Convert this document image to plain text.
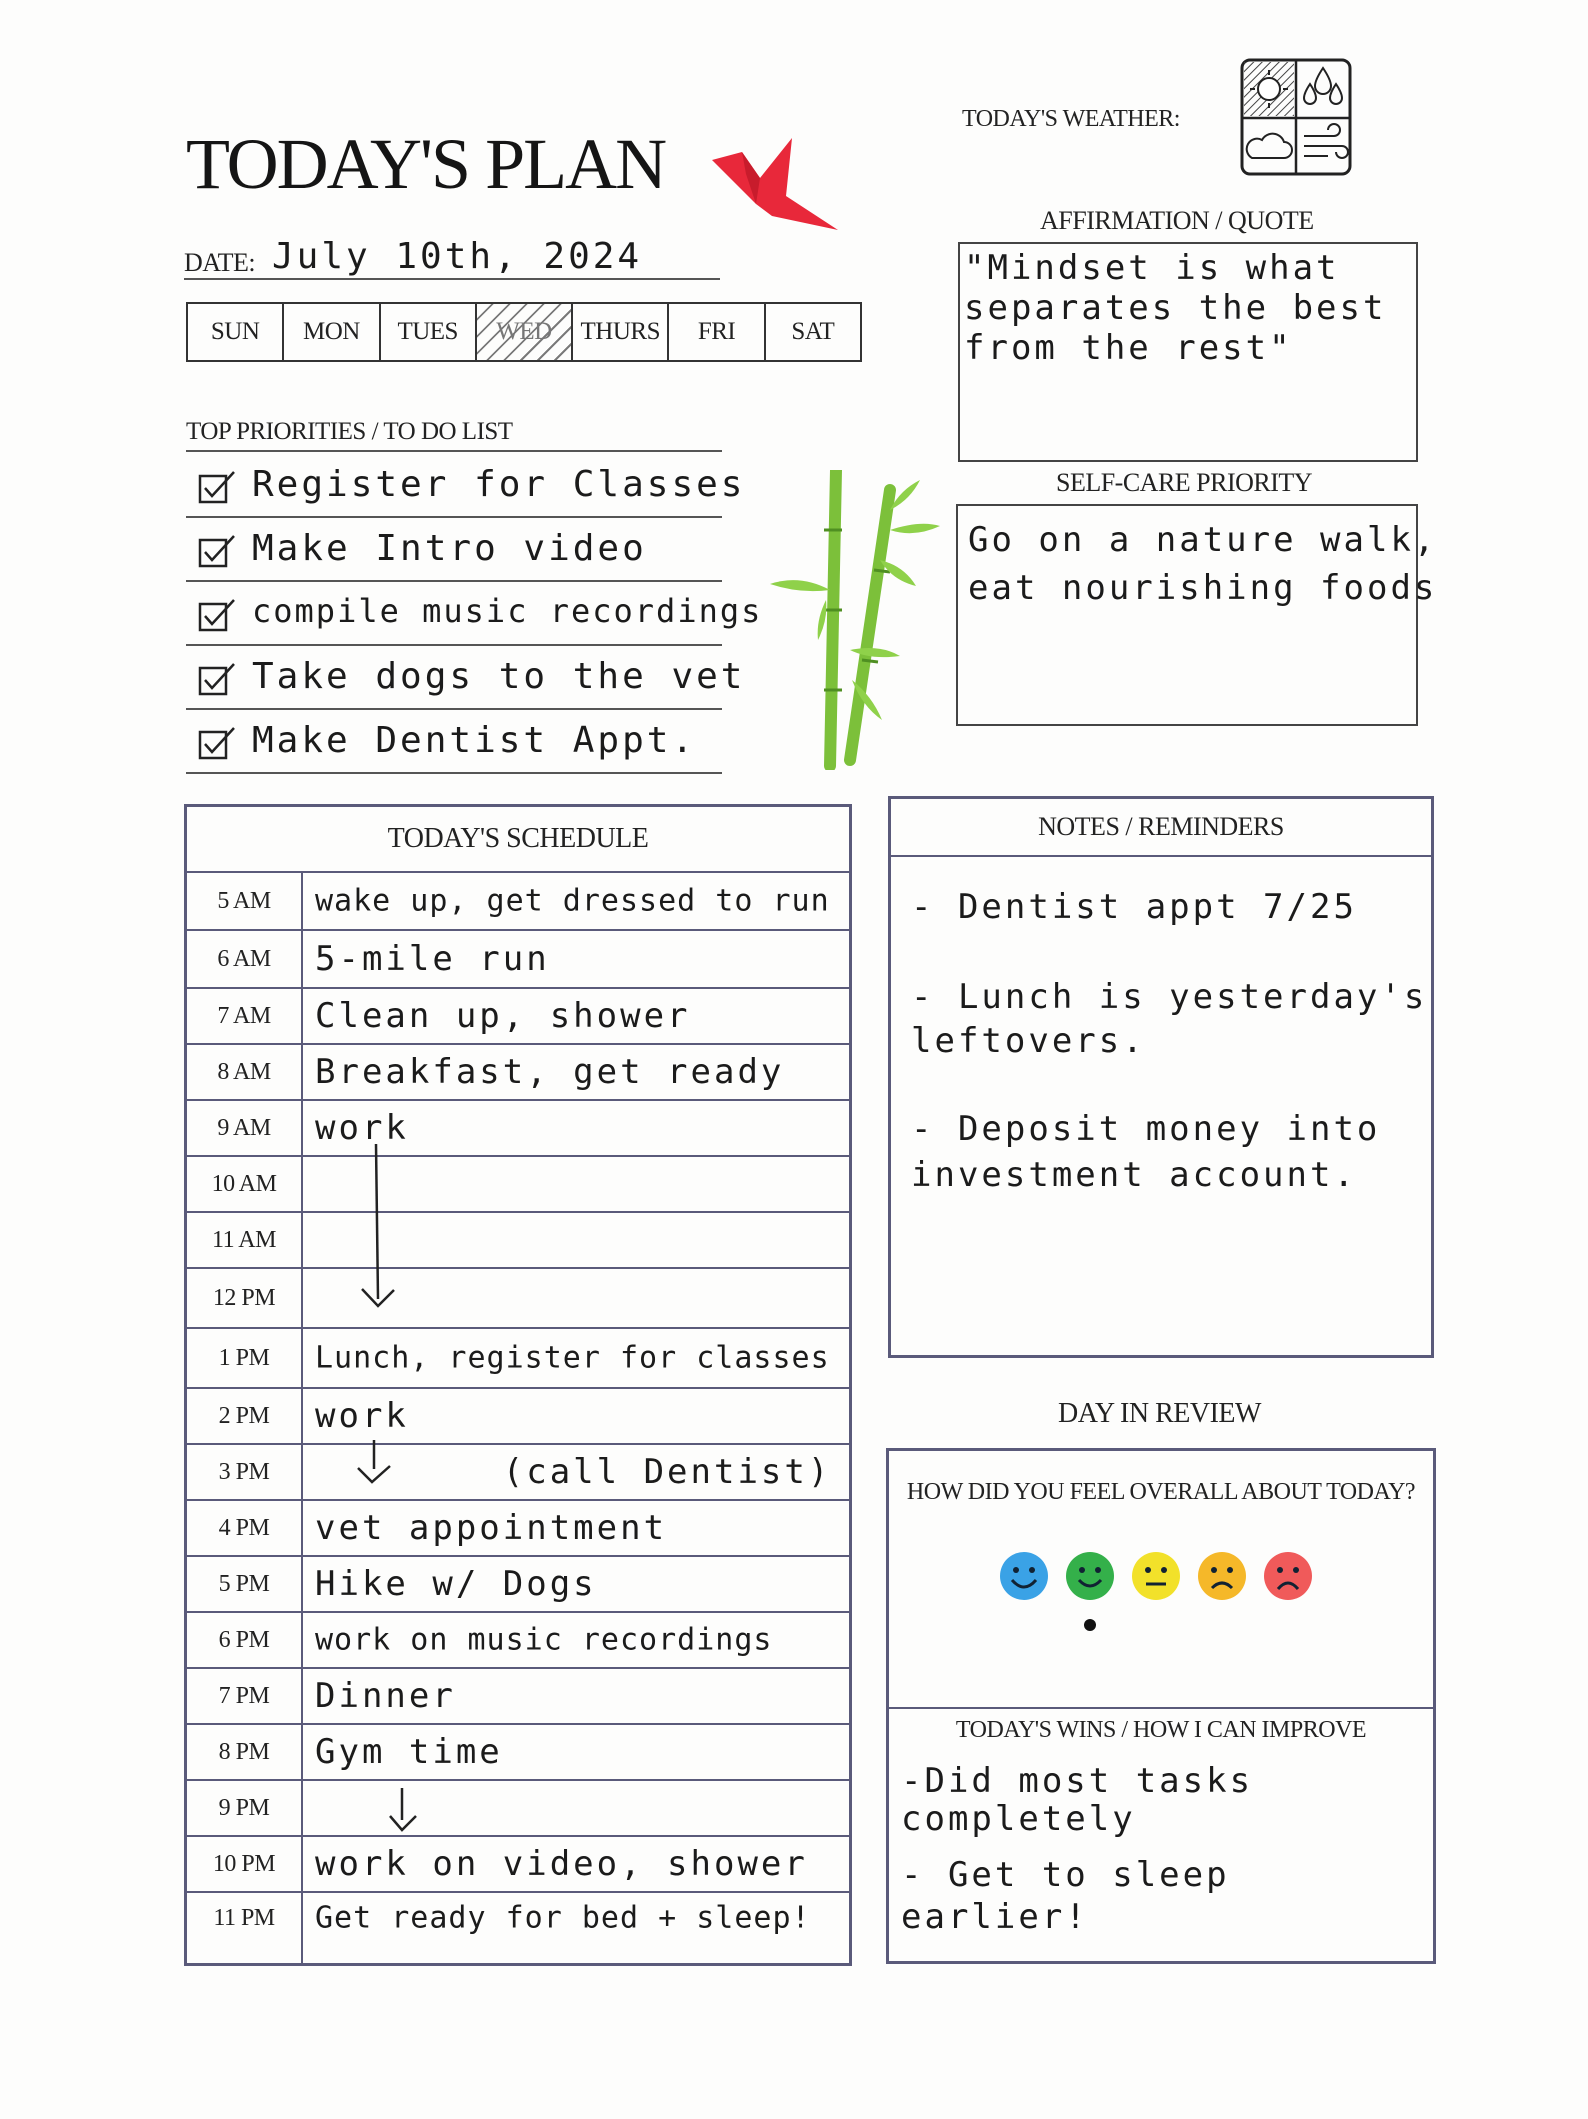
TODAY'S PLAN
DATE: July 10th, 2024
SUN	MON	TUES	WED	THURS	FRI	SAT
TOP PRIORITIES / TO DO LIST
Register for Classes
Make Intro video
compile music recordings
Take dogs to the vet
Make Dentist Appt.
TODAY'S WEATHER:
AFFIRMATION / QUOTE
"Mindset is what
separates the best
from the rest"
SELF-CARE PRIORITY
Go on a nature walk,
eat nourishing foods
TODAY'S SCHEDULE
5 AM	wake up, get dressed to run
6 AM	5-mile run
7 AM	Clean up, shower
8 AM	Breakfast, get ready
9 AM	work
10 AM
11 AM
12 PM
1 PM	Lunch, register for classes
2 PM	work
3 PM	(call Dentist)
4 PM	vet appointment
5 PM	Hike w/ Dogs
6 PM	work on music recordings
7 PM	Dinner
8 PM	Gym time
9 PM
10 PM	work on video, shower
11 PM	Get ready for bed + sleep!
NOTES / REMINDERS
- Dentist appt 7/25
- Lunch is yesterday's
leftovers.
- Deposit money into
investment account.
DAY IN REVIEW
HOW DID YOU FEEL OVERALL ABOUT TODAY?
TODAY'S WINS / HOW I CAN IMPROVE
-Did most tasks
completely
- Get to sleep
earlier!
